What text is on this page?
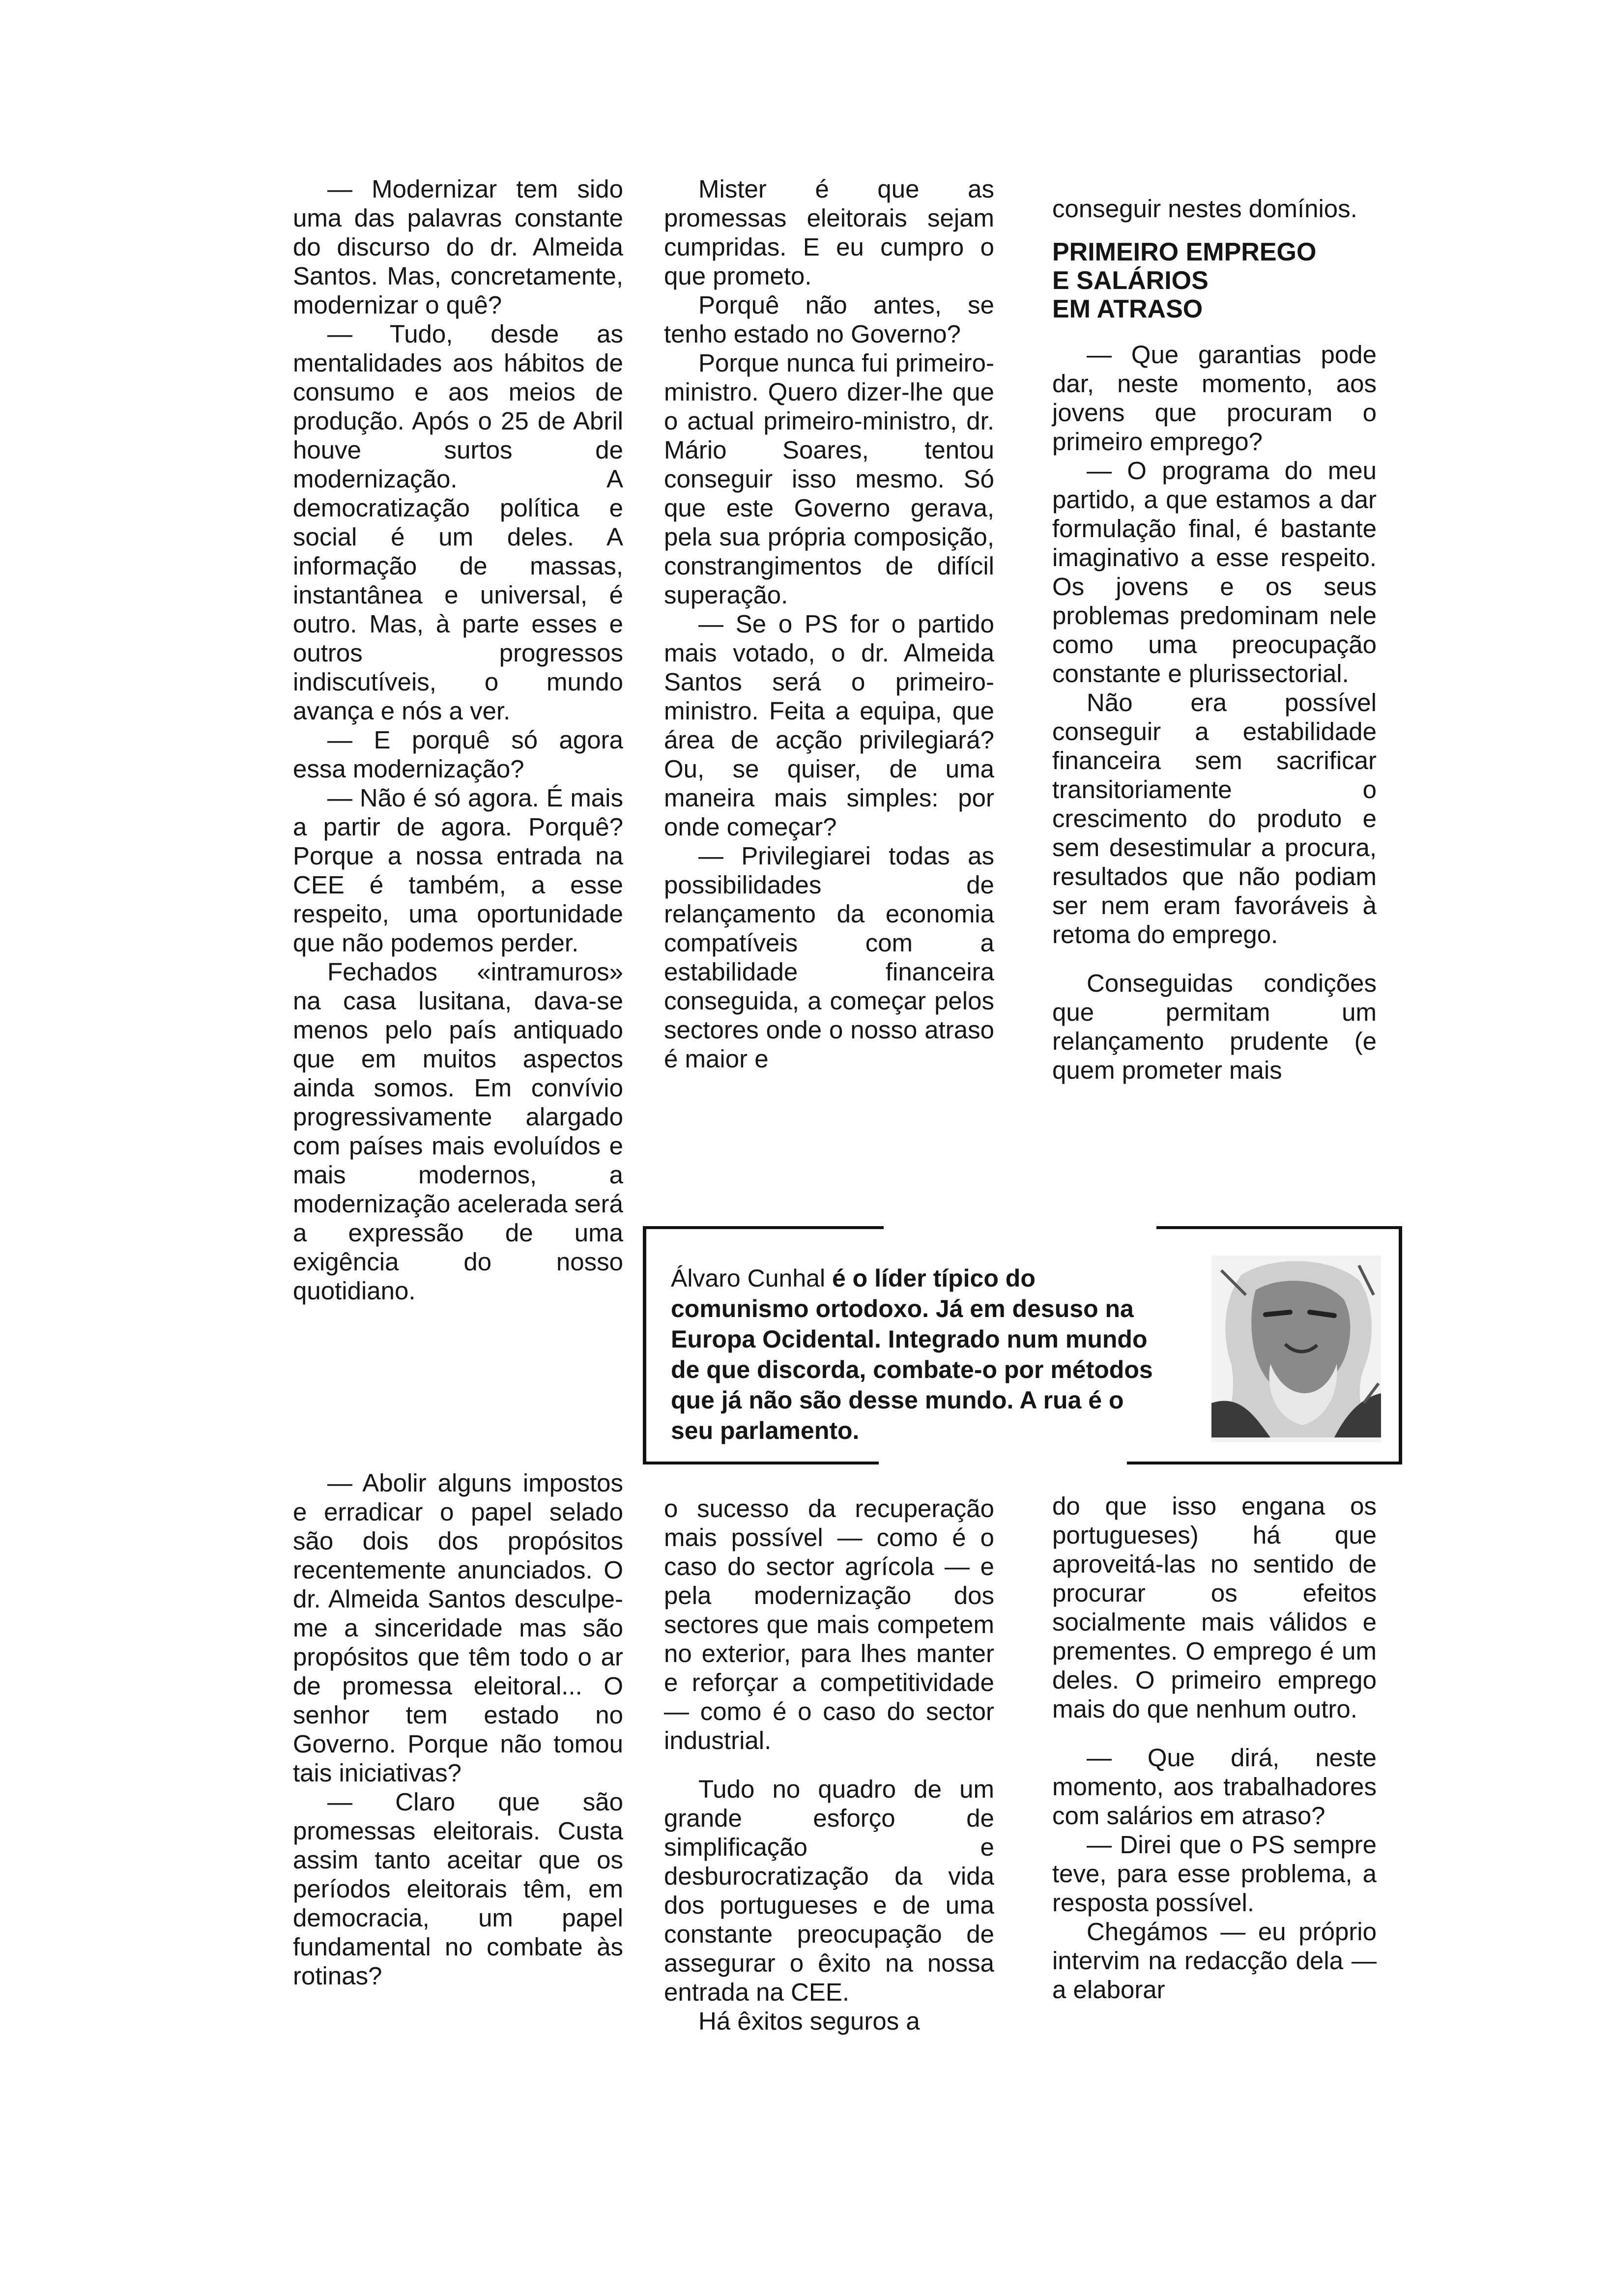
— Modernizar tem sido uma das palavras constante do discurso do dr. Almeida Santos. Mas, concretamente, modernizar o quê?

— Tudo, desde as mentalidades aos hábitos de consumo e aos meios de produção. Após o 25 de Abril houve surtos de modernização. A democratização política e social é um deles. A informação de massas, instantânea e universal, é outro. Mas, à parte esses e outros progressos indiscutíveis, o mundo avança e nós a ver.

— E porquê só agora essa modernização?

— Não é só agora. É mais a partir de agora. Porquê? Porque a nossa entrada na CEE é também, a esse respeito, uma oportunidade que não podemos perder.

Fechados «intramuros» na casa lusitana, dava-se menos pelo país antiquado que em muitos aspectos ainda somos. Em convívio progressivamente alargado com países mais evoluídos e mais modernos, a modernização acelerada será a expressão de uma exigência do nosso quotidiano.

Mister é que as promessas eleitorais sejam cumpridas. E eu cumpro o que prometo.

Porquê não antes, se tenho estado no Governo?

Porque nunca fui primeiro-ministro. Quero dizer-lhe que o actual primeiro-ministro, dr. Mário Soares, tentou conseguir isso mesmo. Só que este Governo gerava, pela sua própria composição, constrangimentos de difícil superação.

— Se o PS for o partido mais votado, o dr. Almeida Santos será o primeiro-ministro. Feita a equipa, que área de acção privilegiará? Ou, se quiser, de uma maneira mais simples: por onde começar?

— Privilegiarei todas as possibilidades de relançamento da economia compatíveis com a estabilidade financeira conseguida, a começar pelos sectores onde o nosso atraso é maior e

conseguir nestes domínios.

PRIMEIRO EMPREGO
E SALÁRIOS
EM ATRASO

— Que garantias pode dar, neste momento, aos jovens que procuram o primeiro emprego?

— O programa do meu partido, a que estamos a dar formulação final, é bastante imaginativo a esse respeito. Os jovens e os seus problemas predominam nele como uma preocupação constante e plurissectorial.

Não era possível conseguir a estabilidade financeira sem sacrificar transitoriamente o crescimento do produto e sem desestimular a procura, resultados que não podiam ser nem eram favoráveis à retoma do emprego.

Conseguidas condições que permitam um relançamento prudente (e quem prometer mais

Álvaro Cunhal é o líder típico do comunismo ortodoxo. Já em desuso na Europa Ocidental. Integrado num mundo de que discorda, combate-o por métodos que já não são desse mundo. A rua é o seu parlamento.

— Abolir alguns impostos e erradicar o papel selado são dois dos propósitos recentemente anunciados. O dr. Almeida Santos desculpe-me a sinceridade mas são propósitos que têm todo o ar de promessa eleitoral... O senhor tem estado no Governo. Porque não tomou tais iniciativas?

— Claro que são promessas eleitorais. Custa assim tanto aceitar que os períodos eleitorais têm, em democracia, um papel fundamental no combate às rotinas?

o sucesso da recuperação mais possível — como é o caso do sector agrícola — e pela modernização dos sectores que mais competem no exterior, para lhes manter e reforçar a competitividade — como é o caso do sector industrial.

Tudo no quadro de um grande esforço de simplificação e desburocratização da vida dos portugueses e de uma constante preocupação de assegurar o êxito na nossa entrada na CEE.

Há êxitos seguros a

do que isso engana os portugueses) há que aproveitá-las no sentido de procurar os efeitos socialmente mais válidos e prementes. O emprego é um deles. O primeiro emprego mais do que nenhum outro.

— Que dirá, neste momento, aos trabalhadores com salários em atraso?

— Direi que o PS sempre teve, para esse problema, a resposta possível.

Chegámos — eu próprio intervim na redacção dela — a elaborar
